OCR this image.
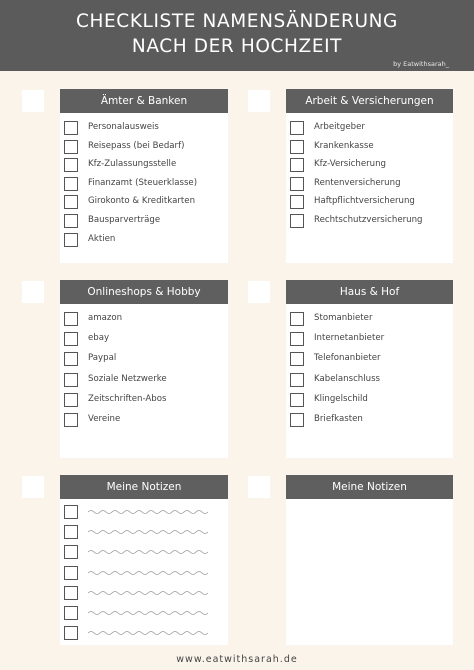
CHECKLISTE NAMENSÄNDERUNG
NACH DER HOCHZEIT
by Eatwithsarah_
Ämter & Banken
Personalausweis
Reisepass (bei Bedarf)
Kfz-Zulassungsstelle
Finanzamt (Steuerklasse)
Girokonto & Kreditkarten
Bausparverträge
Aktien
Arbeit & Versicherungen
Arbeitgeber
Krankenkasse
Kfz-Versicherung
Rentenversicherung
Haftpflichtversicherung
Rechtschutzversicherung
Onlineshops & Hobby
amazon
ebay
Paypal
Soziale Netzwerke
Zeitschriften-Abos
Vereine
Haus & Hof
Stomanbieter
Internetanbieter
Telefonanbieter
Kabelanschluss
Klingelschild
Briefkasten
Meine Notizen	Meine Notizen
www.eatwithsarah.de
